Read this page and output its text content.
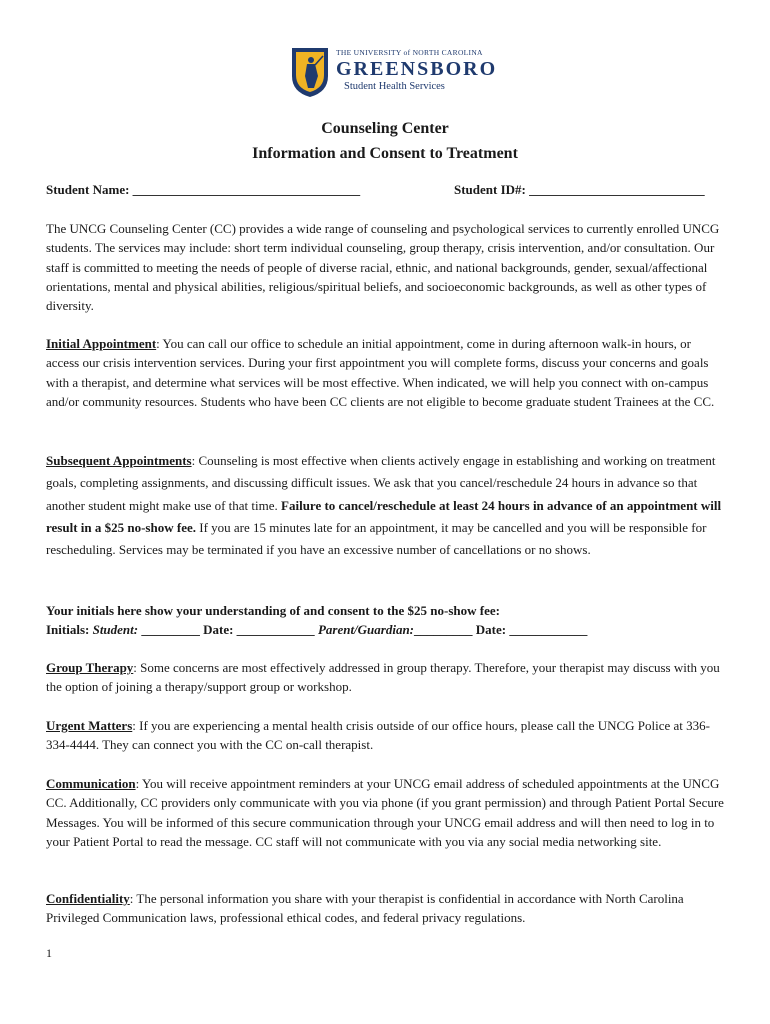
THE UNIVERSITY of NORTH CAROLINA
GREENSBORO
Student Health Services
Counseling Center
Information and Consent to Treatment
Student Name: ___________________________________	Student ID#: ___________________________

The UNCG Counseling Center (CC) provides a wide range of counseling and psychological services to currently enrolled UNCG students. The services may include: short term individual counseling, group therapy, crisis intervention, and/or consultation. Our staff is committed to meeting the needs of people of diverse racial, ethnic, and national backgrounds, gender, sexual/affectional orientations, mental and physical abilities, religious/spiritual beliefs, and socioeconomic backgrounds, as well as other types of diversity.

Initial Appointment: You can call our office to schedule an initial appointment, come in during afternoon walk-in hours, or access our crisis intervention services. During your first appointment you will complete forms, discuss your concerns and goals with a therapist, and determine what services will be most effective. When indicated, we will help you connect with on-campus and/or community resources. Students who have been CC clients are not eligible to become graduate student Trainees at the CC.

Subsequent Appointments: Counseling is most effective when clients actively engage in establishing and working on treatment goals, completing assignments, and discussing difficult issues. We ask that you cancel/reschedule 24 hours in advance so that another student might make use of that time. Failure to cancel/reschedule at least 24 hours in advance of an appointment will result in a $25 no-show fee. If you are 15 minutes late for an appointment, it may be cancelled and you will be responsible for rescheduling. Services may be terminated if you have an excessive number of cancellations or no shows.

Your initials here show your understanding of and consent to the $25 no-show fee:
Initials: Student: _________ Date: ____________ Parent/Guardian:_________ Date: ____________

Group Therapy: Some concerns are most effectively addressed in group therapy. Therefore, your therapist may discuss with you the option of joining a therapy/support group or workshop.

Urgent Matters: If you are experiencing a mental health crisis outside of our office hours, please call the UNCG Police at 336-334-4444. They can connect you with the CC on-call therapist.

Communication: You will receive appointment reminders at your UNCG email address of scheduled appointments at the UNCG CC. Additionally, CC providers only communicate with you via phone (if you grant permission) and through Patient Portal Secure Messages. You will be informed of this secure communication through your UNCG email address and will then need to log in to your Patient Portal to read the message. CC staff will not communicate with you via any social media networking site.

Confidentiality: The personal information you share with your therapist is confidential in accordance with North Carolina Privileged Communication laws, professional ethical codes, and federal privacy regulations.

1
